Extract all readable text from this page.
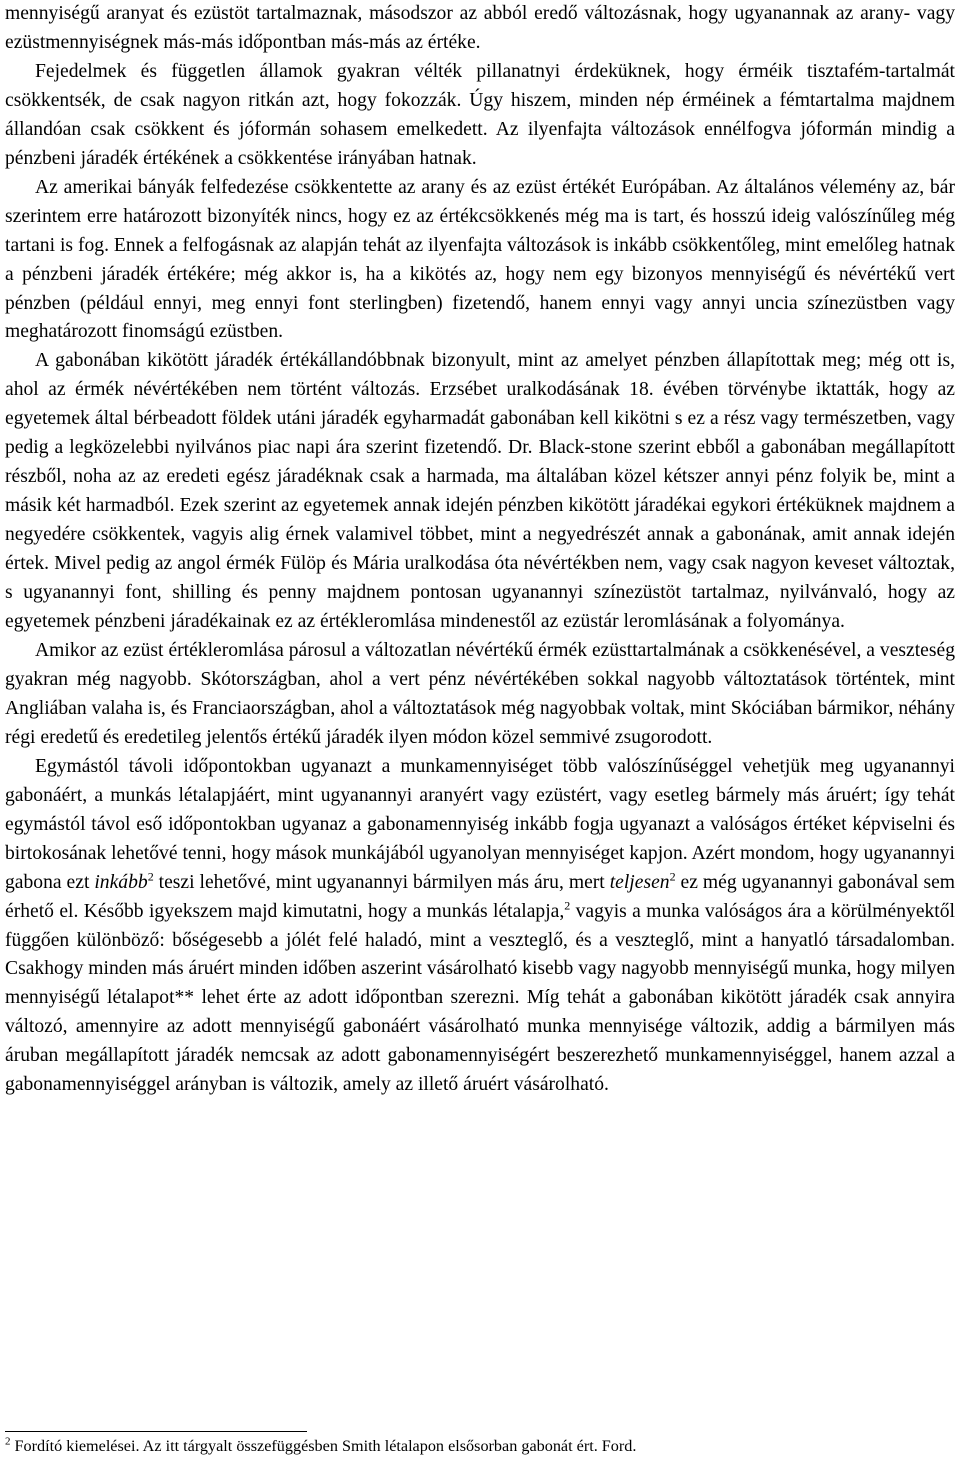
mennyiségű aranyat és ezüstöt tartalmaznak, másodszor az abból eredő változásnak, hogy ugyanannak az arany- vagy ezüstmennyiségnek más-más időpontban más-más az értéke.

Fejedelmek és független államok gyakran vélték pillanatnyi érdeküknek, hogy érméik tisztafém-tartalmát csökkentsék, de csak nagyon ritkán azt, hogy fokozzák. Úgy hiszem, minden nép érméinek a fémtartalma majdnem állandóan csak csökkent és jóformán sohasem emelkedett. Az ilyenfajta változások ennélfogva jóformán mindig a pénzbeni járadék értékének a csökkentése irányában hatnak.

Az amerikai bányák felfedezése csökkentette az arany és az ezüst értékét Európában. Az általános vélemény az, bár szerintem erre határozott bizonyíték nincs, hogy ez az értékcsökkenés még ma is tart, és hosszú ideig valószínűleg még tartani is fog. Ennek a felfogásnak az alapján tehát az ilyenfajta változások is inkább csökkentőleg, mint emelőleg hatnak a pénzbeni járadék értékére; még akkor is, ha a kikötés az, hogy nem egy bizonyos mennyiségű és névértékű vert pénzben (például ennyi, meg ennyi font sterlingben) fizetendő, hanem ennyi vagy annyi uncia színezüstben vagy meghatározott finomságú ezüstben.

A gabonában kikötött járadék értékállandóbbnak bizonyult, mint az amelyet pénzben állapítottak meg; még ott is, ahol az érmék névértékében nem történt változás. Erzsébet uralkodásának 18. évében törvénybe iktatták, hogy az egyetemek által bérbeadott földek utáni járadék egyharmadát gabonában kell kikötni s ez a rész vagy természetben, vagy pedig a legközelebbi nyilvános piac napi ára szerint fizetendő. Dr. Black-stone szerint ebből a gabonában megállapított részből, noha az az eredeti egész járadéknak csak a harmada, ma általában közel kétszer annyi pénz folyik be, mint a másik két harmadból. Ezek szerint az egyetemek annak idején pénzben kikötött járadékai egykori értéküknek majdnem a negyedére csökkentek, vagyis alig érnek valamivel többet, mint a negyedrészét annak a gabonának, amit annak idején értek. Mivel pedig az angol érmék Fülöp és Mária uralkodása óta névértékben nem, vagy csak nagyon keveset változtak, s ugyanannyi font, shilling és penny majdnem pontosan ugyanannyi színezüstöt tartalmaz, nyilvánvaló, hogy az egyetemek pénzbeni járadékainak ez az értékleromlása mindenestől az ezüstár leromlásának a folyománya.

Amikor az ezüst értékleromlása párosul a változatlan névértékű érmék ezüsttartalmának a csökkenésével, a veszteség gyakran még nagyobb. Skótországban, ahol a vert pénz névértékében sokkal nagyobb változtatások történtek, mint Angliában valaha is, és Franciaországban, ahol a változtatások még nagyobbak voltak, mint Skóciában bármikor, néhány régi eredetű és eredetileg jelentős értékű járadék ilyen módon közel semmivé zsugorodott.

Egymástól távoli időpontokban ugyanazt a munkamennyiséget több valószínűséggel vehetjük meg ugyanannyi gabonáért, a munkás létalapjáért, mint ugyanannyi aranyért vagy ezüstért, vagy esetleg bármely más áruért; így tehát egymástól távol eső időpontokban ugyanaz a gabonamennyiség inkább fogja ugyanazt a valóságos értéket képviselni és birtokosának lehetővé tenni, hogy mások munkájából ugyanolyan mennyiséget kapjon. Azért mondom, hogy ugyanannyi gabona ezt inkább$^2$ teszi lehetővé, mint ugyanannyi bármilyen más áru, mert teljesen$^2$ ez még ugyanannyi gabonával sem érhető el. Később igyekszem majd kimutatni, hogy a munkás létalapja,$^2$ vagyis a munka valóságos ára a körülményektől függően különböző: bőségesebb a jólét felé haladó, mint a veszteglő, és a veszteglő, mint a hanyatló társadalomban. Csakhogy minden más áruért minden időben aszerint vásárolható kisebb vagy nagyobb mennyiségű munka, hogy milyen mennyiségű létalapot** lehet érte az adott időpontban szerezni. Míg tehát a gabonában kikötött járadék csak annyira változó, amennyire az adott mennyiségű gabonáért vásárolható munka mennyisége változik, addig a bármilyen más áruban megállapított járadék nemcsak az adott gabonamennyiségért beszerezhető munkamennyiséggel, hanem azzal a gabonamennyiséggel arányban is változik, amely az illető áruért vásárolható.

$^2$ Fordító kiemelései. Az itt tárgyalt összefüggésben Smith létalapon elsősorban gabonát ért. Ford.
